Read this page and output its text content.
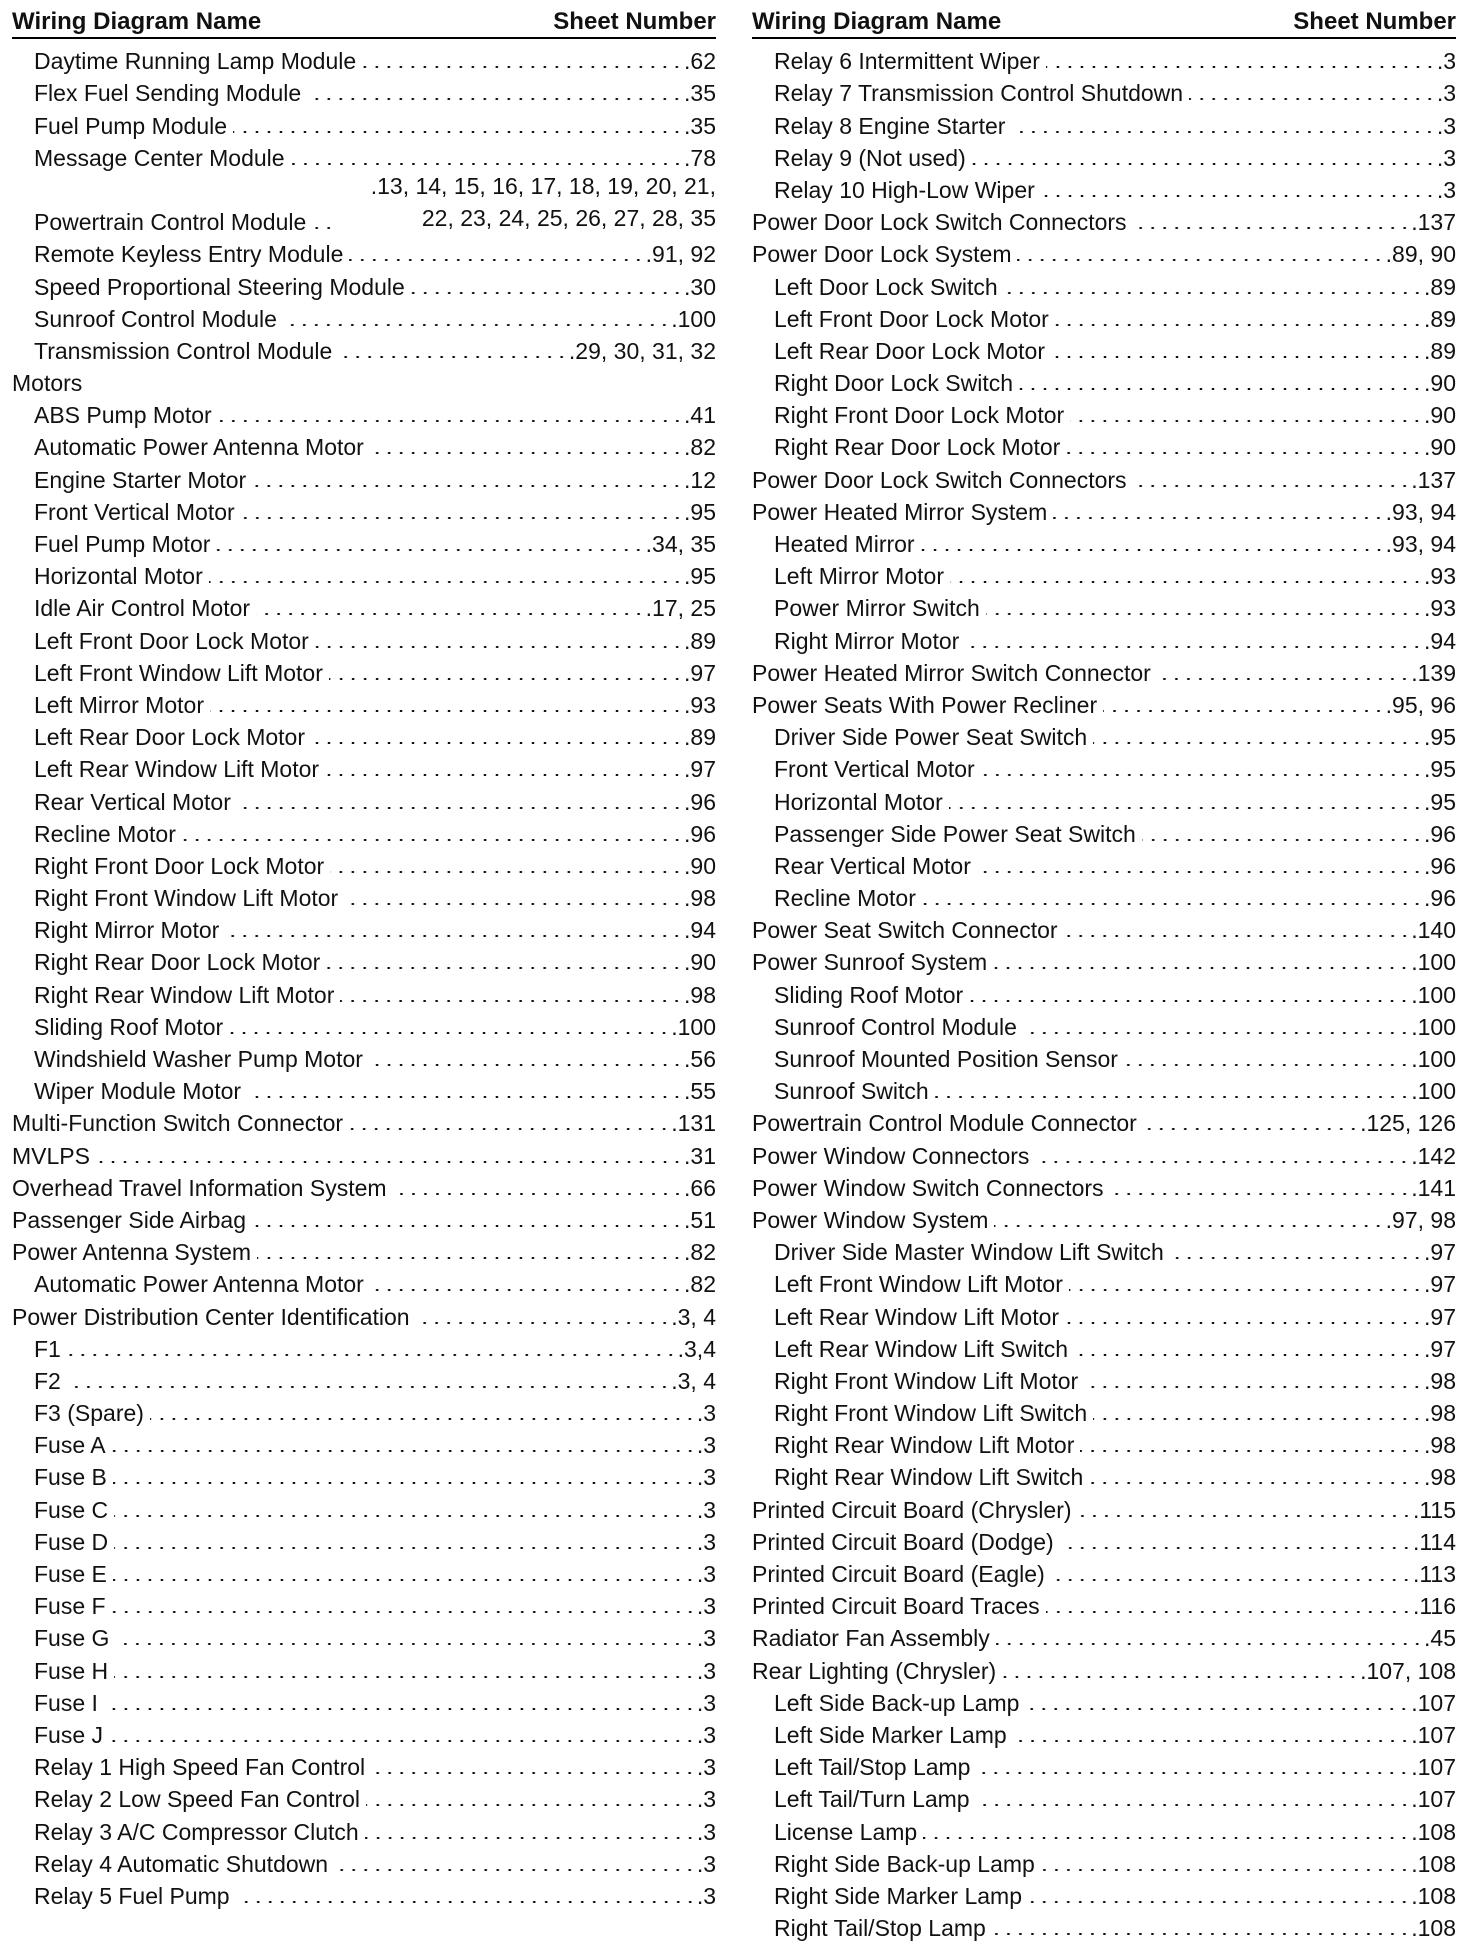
Wiring Diagram Name	Sheet Number
Daytime Running Lamp Module	.62
Flex Fuel Sending Module	.35
Fuel Pump Module	.35
Message Center Module	.78
Powertrain Control Module
.13, 14, 15, 16, 17, 18, 19, 20, 21, 22, 23, 24, 25, 26, 27, 28, 35
Remote Keyless Entry Module	.91, 92
Speed Proportional Steering Module	.30
Sunroof Control Module	.100
Transmission Control Module	.29, 30, 31, 32
Motors
ABS Pump Motor	.41
Automatic Power Antenna Motor	.82
Engine Starter Motor	.12
Front Vertical Motor	.95
Fuel Pump Motor	.34, 35
Horizontal Motor	.95
Idle Air Control Motor	.17, 25
Left Front Door Lock Motor	.89
Left Front Window Lift Motor	.97
Left Mirror Motor	.93
Left Rear Door Lock Motor	.89
Left Rear Window Lift Motor	.97
Rear Vertical Motor	.96
Recline Motor	.96
Right Front Door Lock Motor	.90
Right Front Window Lift Motor	.98
Right Mirror Motor	.94
Right Rear Door Lock Motor	.90
Right Rear Window Lift Motor	.98
Sliding Roof Motor	.100
Windshield Washer Pump Motor	.56
Wiper Module Motor	.55
Multi-Function Switch Connector	.131
MVLPS	.31
Overhead Travel Information System	.66
Passenger Side Airbag	.51
Power Antenna System	.82
Automatic Power Antenna Motor	.82
Power Distribution Center Identification	.3, 4
F1	.3,4
F2	.3, 4
F3 (Spare)	.3
Fuse A	.3
Fuse B	.3
Fuse C	.3
Fuse D	.3
Fuse E	.3
Fuse F	.3
Fuse G	.3
Fuse H	.3
Fuse I	.3
Fuse J	.3
Relay 1 High Speed Fan Control	.3
Relay 2 Low Speed Fan Control	.3
Relay 3 A/C Compressor Clutch	.3
Relay 4 Automatic Shutdown	.3
Relay 5 Fuel Pump	.3
Wiring Diagram Name	Sheet Number
Relay 6 Intermittent Wiper	.3
Relay 7 Transmission Control Shutdown	.3
Relay 8 Engine Starter	.3
Relay 9 (Not used)	.3
Relay 10 High-Low Wiper	.3
Power Door Lock Switch Connectors	.137
Power Door Lock System	.89, 90
Left Door Lock Switch	.89
Left Front Door Lock Motor	.89
Left Rear Door Lock Motor	.89
Right Door Lock Switch	.90
Right Front Door Lock Motor	.90
Right Rear Door Lock Motor	.90
Power Door Lock Switch Connectors	.137
Power Heated Mirror System	.93, 94
Heated Mirror	.93, 94
Left Mirror Motor	.93
Power Mirror Switch	.93
Right Mirror Motor	.94
Power Heated Mirror Switch Connector	.139
Power Seats With Power Recliner	.95, 96
Driver Side Power Seat Switch	.95
Front Vertical Motor	.95
Horizontal Motor	.95
Passenger Side Power Seat Switch	.96
Rear Vertical Motor	.96
Recline Motor	.96
Power Seat Switch Connector	.140
Power Sunroof System	.100
Sliding Roof Motor	.100
Sunroof Control Module	.100
Sunroof Mounted Position Sensor	.100
Sunroof Switch	.100
Powertrain Control Module Connector	.125, 126
Power Window Connectors	.142
Power Window Switch Connectors	.141
Power Window System	.97, 98
Driver Side Master Window Lift Switch	.97
Left Front Window Lift Motor	.97
Left Rear Window Lift Motor	.97
Left Rear Window Lift Switch	.97
Right Front Window Lift Motor	.98
Right Front Window Lift Switch	.98
Right Rear Window Lift Motor	.98
Right Rear Window Lift Switch	.98
Printed Circuit Board (Chrysler)	.115
Printed Circuit Board (Dodge)	.114
Printed Circuit Board (Eagle)	.113
Printed Circuit Board Traces	.116
Radiator Fan Assembly	.45
Rear Lighting (Chrysler)	.107, 108
Left Side Back-up Lamp	.107
Left Side Marker Lamp	.107
Left Tail/Stop Lamp	.107
Left Tail/Turn Lamp	.107
License Lamp	.108
Right Side Back-up Lamp	.108
Right Side Marker Lamp	.108
Right Tail/Stop Lamp	.108
